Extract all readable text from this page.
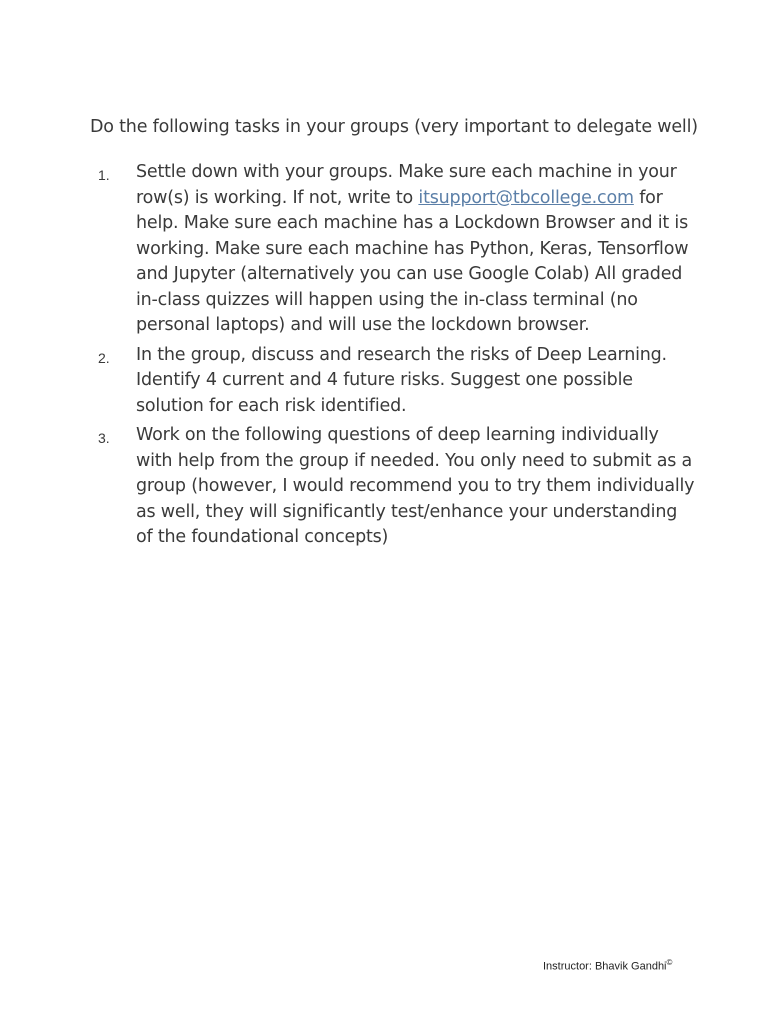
Do the following tasks in your groups (very important to delegate well)

1.	Settle down with your groups. Make sure each machine in your row(s) is working. If not, write to itsupport@tbcollege.com for help. Make sure each machine has a Lockdown Browser and it is working. Make sure each machine has Python, Keras, Tensorflow and Jupyter (alternatively you can use Google Colab) All graded in-class quizzes will happen using the in-class terminal (no personal laptops) and will use the lockdown browser.
2.	In the group, discuss and research the risks of Deep Learning. Identify 4 current and 4 future risks. Suggest one possible solution for each risk identified.
3.	Work on the following questions of deep learning individually with help from the group if needed. You only need to submit as a group (however, I would recommend you to try them individually as well, they will significantly test/enhance your understanding of the foundational concepts)
Instructor: Bhavik Gandhi©
